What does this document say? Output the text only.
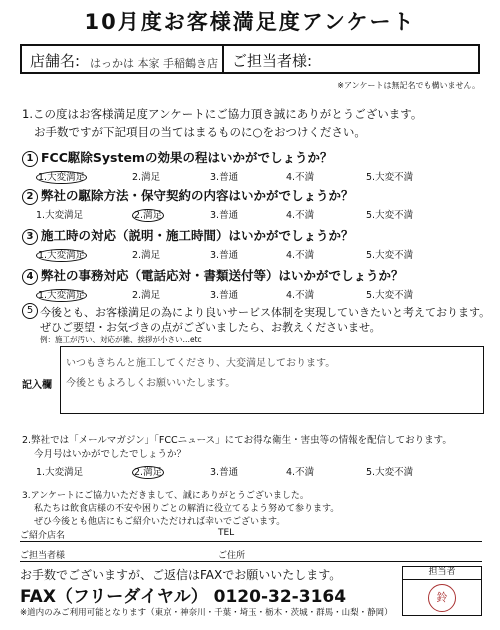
10月度お客様満足度アンケート
店舗名: はっかは 本家 手稲鶴き店 ご担当者様:
※アンケートは無記名でも構いません。
1.この度はお客様満足度アンケートにご協力頂き誠にありがとうございます。
お手数ですが下記項目の当てはまるものに○をおつけください。
1 FCC駆除Systemの効果の程はいかがでしょうか？
1.大変満足	2.満足	3.普通	4.不満	5.大変不満
2 弊社の駆除方法・保守契約の内容はいかがでしょうか？
1.大変満足	2.満足	3.普通	4.不満	5.大変不満
3 施工時の対応（説明・施工時間）はいかがでしょうか？
1.大変満足	2.満足	3.普通	4.不満	5.大変不満
4 弊社の事務対応（電話応対・書類送付等）はいかがでしょうか？
1.大変満足	2.満足	3.普通	4.不満	5.大変不満
5 今後とも、お客様満足の為により良いサービス体制を実現していきたいと考えております。
ぜひご要望・お気づきの点がございましたら、お教えくださいませ。
例：施工が汚い、対応が雑、挨拶が小さい…etc
記入欄
いつもきちんと施工してくださり、大変満足しております。
今後ともよろしくお願いいたします。
2.弊社では「メールマガジン」「FCCニュース」にてお得な衛生・害虫等の情報を配信しております。
今月号はいかがでしたでしょうか？
1.大変満足	2.満足	3.普通	4.不満	5.大変不満
3.アンケートにご協力いただきまして、誠にありがとうございました。
私たちは飲食店様の不安や困りごとの解消に役立てるよう努めて参ります。
ぜひ今後とも他店にもご紹介いただければ幸いでございます。
ご紹介店名	TEL
ご担当者様	ご住所
お手数でございますが、ご返信はFAXでお願いいたします。
FAX（フリーダイヤル） 0120-32-3164
※道内のみご利用可能となります（東京・神奈川・千葉・埼玉・栃木・茨城・群馬・山梨・静岡）
担当者
鈴
